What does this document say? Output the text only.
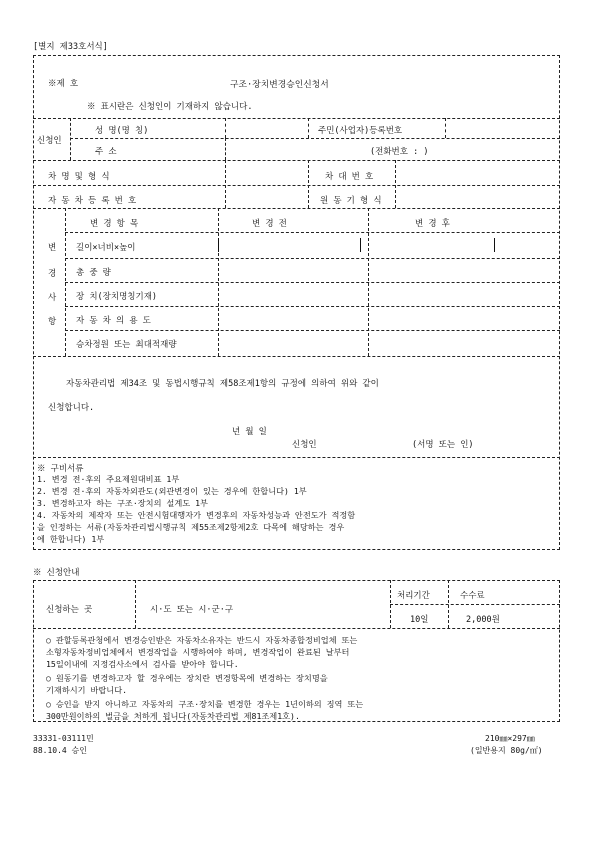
[별지 제33호서식]
※제 호	구조·장치변경승인신청서
※ 표시란은 신청인이 기재하지 않습니다.
신청인
성 명(명 칭)	주민(사업자)등록번호
주 소	(전화번호 : )
차 명 및 형 식	차 대 번 호
자 동 차 등 록 번 호	원 동 기 형 식
변
경
사
항
변 경 항 목	변 경 전	변 경 후
길이×너비×높이
총 중 량
장 치(장치명칭기재)
자 동 차 의 용 도
승차정원 또는 최대적재량
자동차관리법 제34조 및 동법시행규칙 제58조제1항의 규정에 의하여 위와 같이
신청합니다.
년 월 일
신청인	(서명 또는 인)
※ 구비서류
1. 변경 전·후의 주요제원대비표 1부
2. 변경 전·후의 자동차외관도(외관변경이 있는 경우에 한합니다) 1부
3. 변경하고자 하는 구조·장치의 설계도 1부
4. 자동차의 제작자 또는 안전시험대행자가 변경후의 자동차성능과 안전도가 적정함
을 인정하는 서류(자동차관리법시행규칙 제55조제2항제2호 다목에 해당하는 경우
에 한합니다) 1부
※ 신청안내
신청하는 곳	시·도 또는 시·군·구
처리기간	수수료
10일	2,000원
○ 관할등록관청에서 변경승인받은 자동차소유자는 반드시 자동차종합정비업체 또는
소형자동차정비업체에서 변경작업을 시행하여야 하며, 변경작업이 완료된 날부터
15일이내에 지정검사소에서 검사를 받아야 합니다.
○ 원동기를 변경하고자 할 경우에는 장치란 변경항목에 변경하는 장치명을
기재하시기 바랍니다.
○ 승인을 받지 아니하고 자동차의 구조·장치를 변경한 경우는 1년이하의 징역 또는
300만원이하의 벌금을 처하게 됩니다(자동차관리법 제81조제1호).
33331-03111민
88.10.4 승인
210㎜×297㎜
(일반용지 80g/㎡)
